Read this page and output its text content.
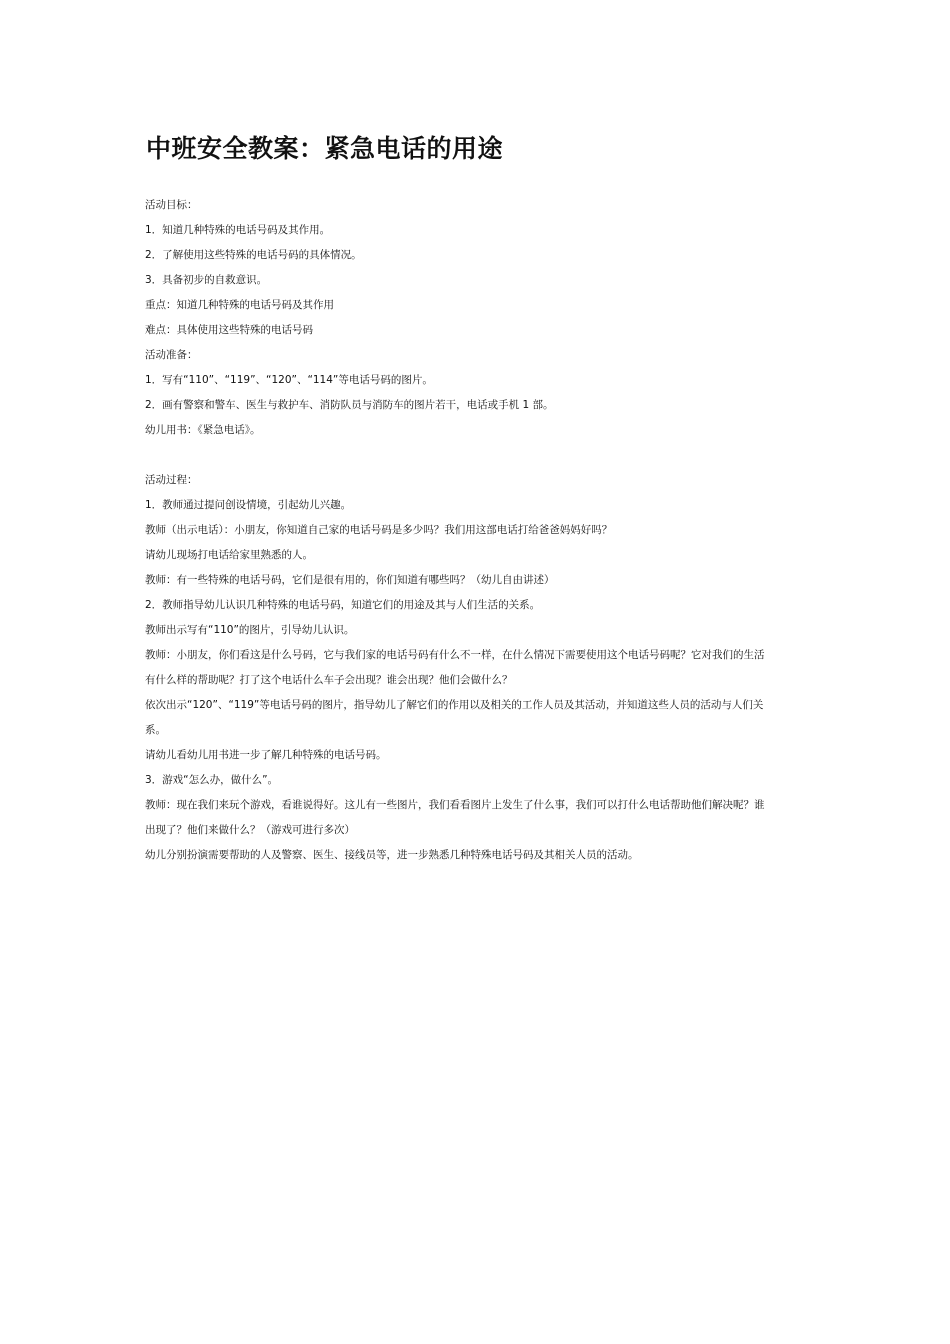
中班安全教案：紧急电话的用途

活动目标：

1．知道几种特殊的电话号码及其作用。

2．了解使用这些特殊的电话号码的具体情况。

3．具备初步的自救意识。

重点：知道几种特殊的电话号码及其作用

难点：具体使用这些特殊的电话号码

活动准备：

1．写有“110”、“119”、“120”、“114”等电话号码的图片。

2．画有警察和警车、医生与救护车、消防队员与消防车的图片若干，电话或手机 1 部。

幼儿用书：《紧急电话》。

活动过程：

1．教师通过提问创设情境，引起幼儿兴趣。

教师（出示电话）：小朋友，你知道自己家的电话号码是多少吗？我们用这部电话打给爸爸妈妈好吗？

请幼儿现场打电话给家里熟悉的人。

教师：有一些特殊的电话号码，它们是很有用的，你们知道有哪些吗？（幼儿自由讲述）

2．教师指导幼儿认识几种特殊的电话号码，知道它们的用途及其与人们生活的关系。

教师出示写有“110”的图片，引导幼儿认识。

教师：小朋友，你们看这是什么号码，它与我们家的电话号码有什么不一样，在什么情况下需要使用这个电话号码呢？它对我们的生活

有什么样的帮助呢？打了这个电话什么车子会出现？谁会出现？他们会做什么？

依次出示“120”、“119”等电话号码的图片，指导幼儿了解它们的作用以及相关的工作人员及其活动，并知道这些人员的活动与人们关

系。

请幼儿看幼儿用书进一步了解几种特殊的电话号码。

3．游戏“怎么办，做什么”。

教师：现在我们来玩个游戏，看谁说得好。这儿有一些图片，我们看看图片上发生了什么事，我们可以打什么电话帮助他们解决呢？谁

出现了？他们来做什么？（游戏可进行多次）

幼儿分别扮演需要帮助的人及警察、医生、接线员等，进一步熟悉几种特殊电话号码及其相关人员的活动。
